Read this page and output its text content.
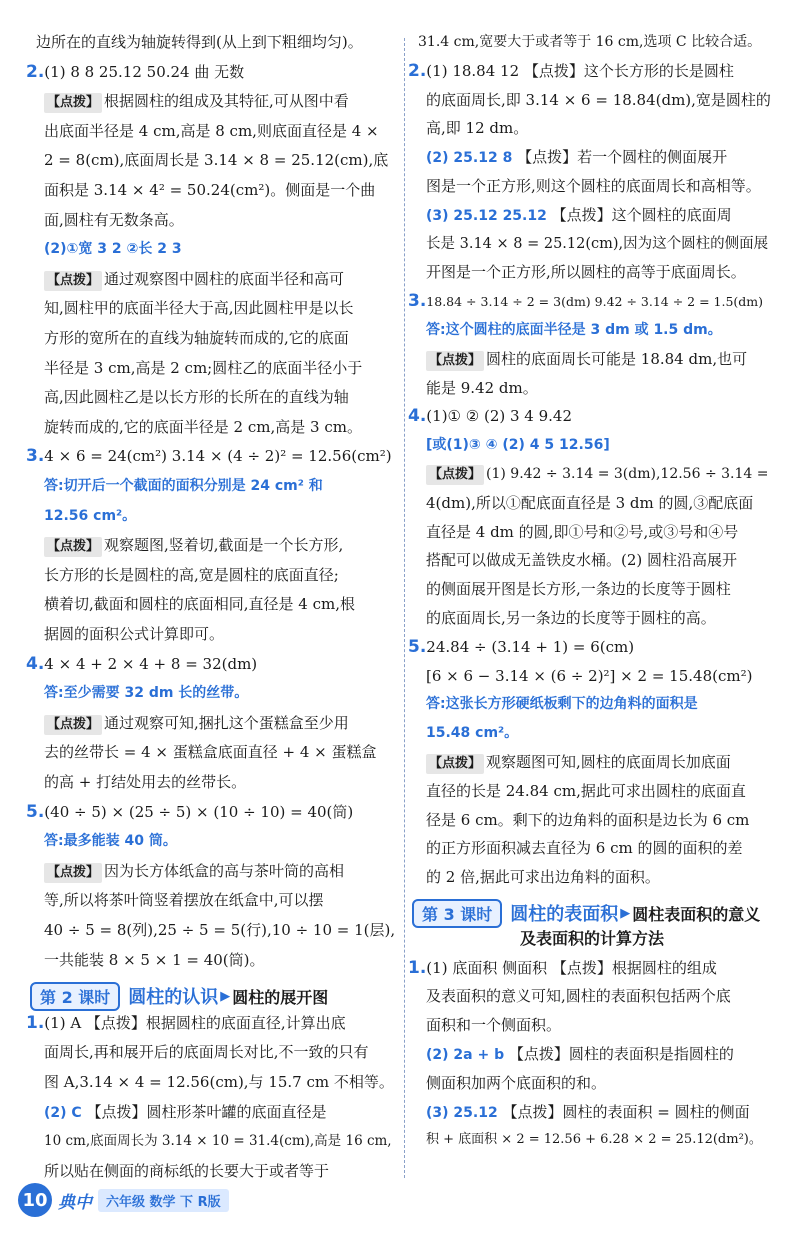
边所在的直线为轴旋转得到(从上到下粗细均匀)。
2.(1) 8 8 25.12 50.24 曲 无数
【点拨】 根据圆柱的组成及其特征,可从图中看
出底面半径是 4 cm,高是 8 cm,则底面直径是 4 ×
2 = 8(cm),底面周长是 3.14 × 8 = 25.12(cm),底
面积是 3.14 × 4² = 50.24(cm²)。侧面是一个曲
面,圆柱有无数条高。
(2)①宽 3 2 ②长 2 3
【点拨】 通过观察图中圆柱的底面半径和高可
知,圆柱甲的底面半径大于高,因此圆柱甲是以长
方形的宽所在的直线为轴旋转而成的,它的底面
半径是 3 cm,高是 2 cm;圆柱乙的底面半径小于
高,因此圆柱乙是以长方形的长所在的直线为轴
旋转而成的,它的底面半径是 2 cm,高是 3 cm。
3.4 × 6 = 24(cm²) 3.14 × (4 ÷ 2)² = 12.56(cm²)
答:切开后一个截面的面积分别是 24 cm² 和
12.56 cm²。
【点拨】 观察题图,竖着切,截面是一个长方形,
长方形的长是圆柱的高,宽是圆柱的底面直径;
横着切,截面和圆柱的底面相同,直径是 4 cm,根
据圆的面积公式计算即可。
4.4 × 4 + 2 × 4 + 8 = 32(dm)
答:至少需要 32 dm 长的丝带。
【点拨】 通过观察可知,捆扎这个蛋糕盒至少用
去的丝带长 = 4 × 蛋糕盒底面直径 + 4 × 蛋糕盒
的高 + 打结处用去的丝带长。
5.(40 ÷ 5) × (25 ÷ 5) × (10 ÷ 10) = 40(筒)
答:最多能装 40 筒。
【点拨】 因为长方体纸盒的高与茶叶筒的高相
等,所以将茶叶筒竖着摆放在纸盒中,可以摆
40 ÷ 5 = 8(列),25 ÷ 5 = 5(行),10 ÷ 10 = 1(层),
一共能装 8 × 5 × 1 = 40(筒)。
第 2 课时	圆柱的认识 ▶ 圆柱的展开图
1.(1) A 【点拨】根据圆柱的底面直径,计算出底
面周长,再和展开后的底面周长对比,不一致的只有
图 A,3.14 × 4 = 12.56(cm),与 15.7 cm 不相等。
(2) C 【点拨】圆柱形茶叶罐的底面直径是
10 cm,底面周长为 3.14 × 10 = 31.4(cm),高是 16 cm,
所以贴在侧面的商标纸的长要大于或者等于
31.4 cm,宽要大于或者等于 16 cm,选项 C 比较合适。
2.(1) 18.84 12 【点拨】这个长方形的长是圆柱
的底面周长,即 3.14 × 6 = 18.84(dm),宽是圆柱的
高,即 12 dm。
(2) 25.12 8 【点拨】若一个圆柱的侧面展开
图是一个正方形,则这个圆柱的底面周长和高相等。
(3) 25.12 25.12 【点拨】这个圆柱的底面周
长是 3.14 × 8 = 25.12(cm),因为这个圆柱的侧面展
开图是一个正方形,所以圆柱的高等于底面周长。
3.18.84 ÷ 3.14 ÷ 2 = 3(dm) 9.42 ÷ 3.14 ÷ 2 = 1.5(dm)
答:这个圆柱的底面半径是 3 dm 或 1.5 dm。
【点拨】 圆柱的底面周长可能是 18.84 dm,也可
能是 9.42 dm。
4.(1)① ② (2) 3 4 9.42
[或(1)③ ④ (2) 4 5 12.56]
【点拨】 (1) 9.42 ÷ 3.14 = 3(dm),12.56 ÷ 3.14 =
4(dm),所以①配底面直径是 3 dm 的圆,③配底面
直径是 4 dm 的圆,即①号和②号,或③号和④号
搭配可以做成无盖铁皮水桶。(2) 圆柱沿高展开
的侧面展开图是长方形,一条边的长度等于圆柱
的底面周长,另一条边的长度等于圆柱的高。
5.24.84 ÷ (3.14 + 1) = 6(cm)
[6 × 6 − 3.14 × (6 ÷ 2)²] × 2 = 15.48(cm²)
答:这张长方形硬纸板剩下的边角料的面积是
15.48 cm²。
【点拨】 观察题图可知,圆柱的底面周长加底面
直径的长是 24.84 cm,据此可求出圆柱的底面直
径是 6 cm。剩下的边角料的面积是边长为 6 cm
的正方形面积减去直径为 6 cm 的圆的面积的差
的 2 倍,据此可求出边角料的面积。
第 3 课时	圆柱的表面积 ▶ 圆柱表面积的意义
及表面积的计算方法
1.(1) 底面积 侧面积 【点拨】根据圆柱的组成
及表面积的意义可知,圆柱的表面积包括两个底
面积和一个侧面积。
(2) 2a + b 【点拨】圆柱的表面积是指圆柱的
侧面积加两个底面积的和。
(3) 25.12 【点拨】圆柱的表面积 = 圆柱的侧面
积 + 底面积 × 2 = 12.56 + 6.28 × 2 = 25.12(dm²)。
10 典中	六年级 数学 下 R版
